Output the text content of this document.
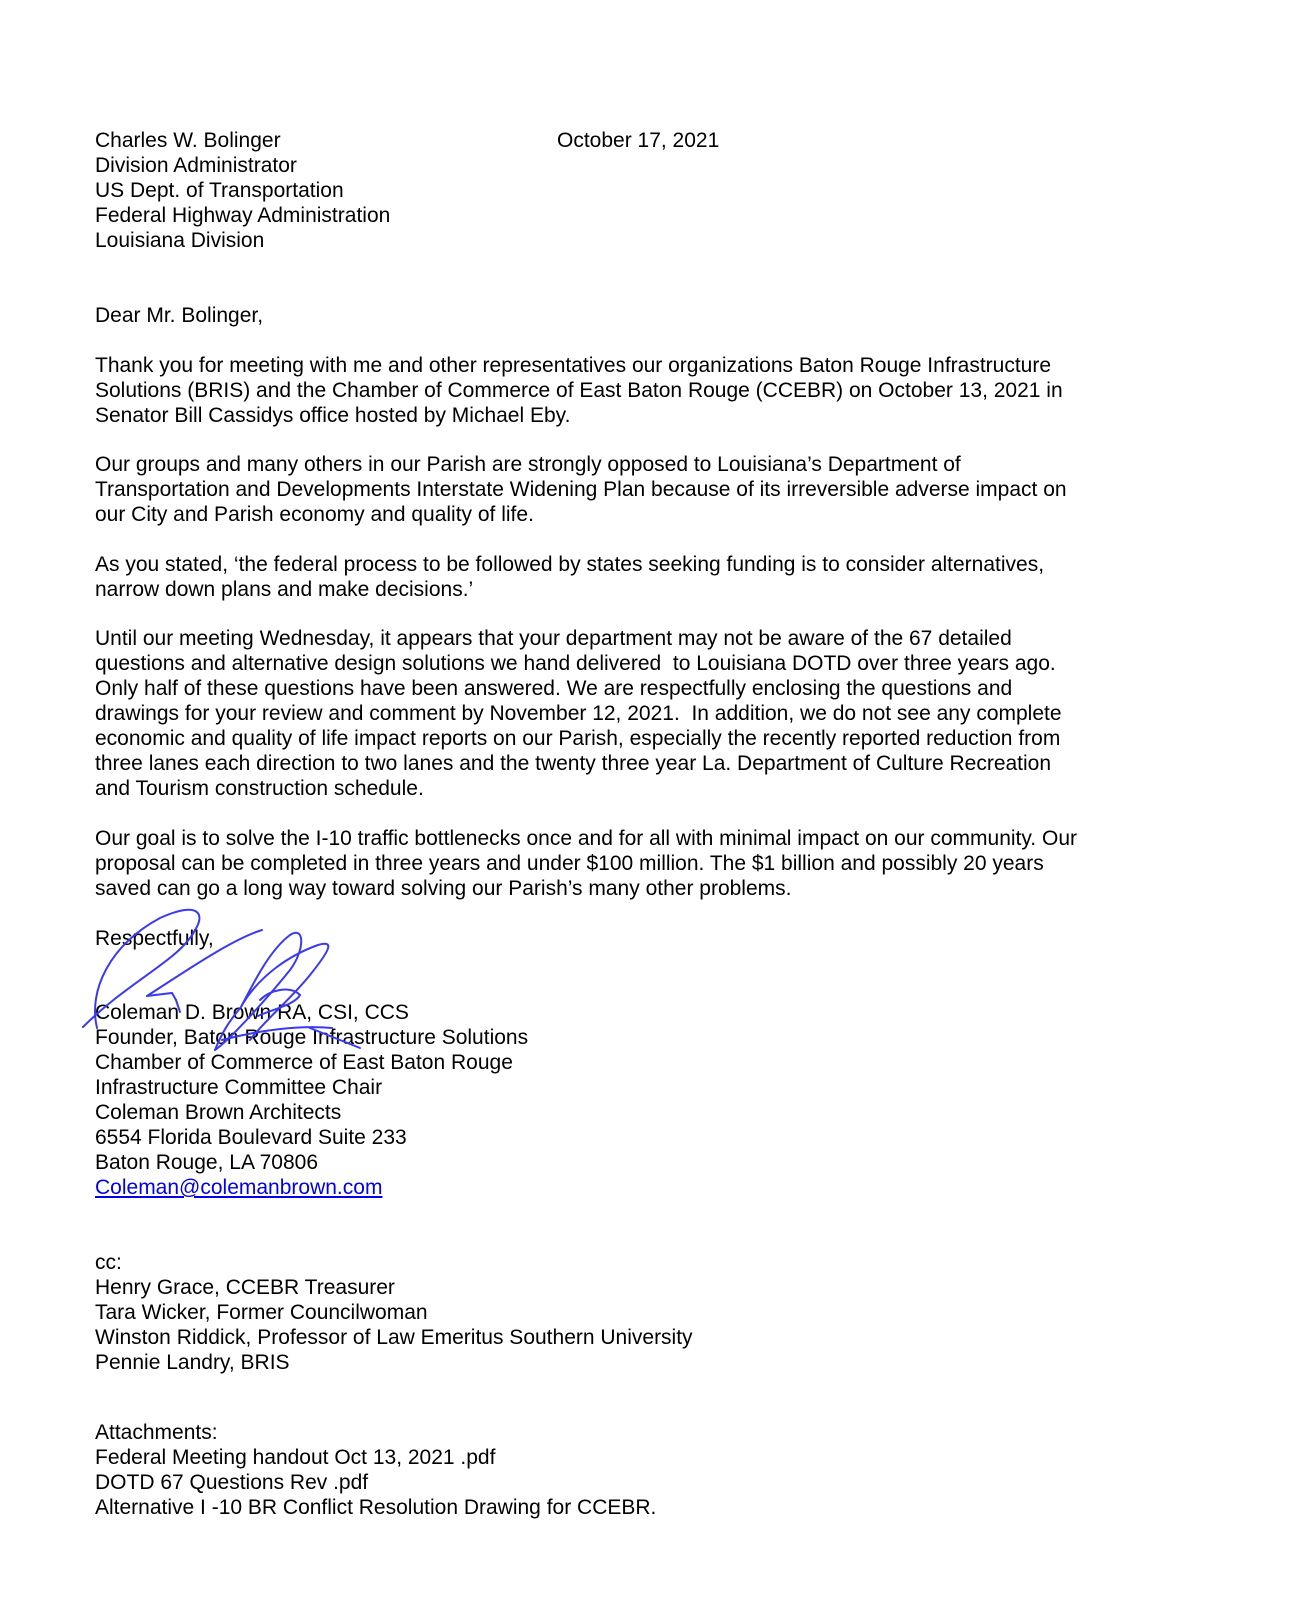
October 17, 2021
Charles W. Bolinger
Division Administrator
US Dept. of Transportation
Federal Highway Administration
Louisiana Division
Dear Mr. Bolinger,
Thank you for meeting with me and other representatives our organizations Baton Rouge Infrastructure
Solutions (BRIS) and the Chamber of Commerce of East Baton Rouge (CCEBR) on October 13, 2021 in
Senator Bill Cassidys office hosted by Michael Eby.
Our groups and many others in our Parish are strongly opposed to Louisiana’s Department of
Transportation and Developments Interstate Widening Plan because of its irreversible adverse impact on
our City and Parish economy and quality of life.
As you stated, ‘the federal process to be followed by states seeking funding is to consider alternatives,
narrow down plans and make decisions.’
Until our meeting Wednesday, it appears that your department may not be aware of the 67 detailed
questions and alternative design solutions we hand delivered  to Louisiana DOTD over three years ago.
Only half of these questions have been answered. We are respectfully enclosing the questions and
drawings for your review and comment by November 12, 2021.  In addition, we do not see any complete
economic and quality of life impact reports on our Parish, especially the recently reported reduction from
three lanes each direction to two lanes and the twenty three year La. Department of Culture Recreation
and Tourism construction schedule.
Our goal is to solve the I-10 traffic bottlenecks once and for all with minimal impact on our community. Our
proposal can be completed in three years and under $100 million. The $1 billion and possibly 20 years
saved can go a long way toward solving our Parish’s many other problems.
Respectfully,
Coleman D. Brown RA, CSI, CCS
Founder, Baton Rouge Infrastructure Solutions
Chamber of Commerce of East Baton Rouge
Infrastructure Committee Chair
Coleman Brown Architects
6554 Florida Boulevard Suite 233
Baton Rouge, LA 70806
Coleman@colemanbrown.com
cc:
Henry Grace, CCEBR Treasurer
Tara Wicker, Former Councilwoman
Winston Riddick, Professor of Law Emeritus Southern University
Pennie Landry, BRIS
Attachments:
Federal Meeting handout Oct 13, 2021 .pdf
DOTD 67 Questions Rev .pdf
Alternative I -10 BR Conflict Resolution Drawing for CCEBR.
